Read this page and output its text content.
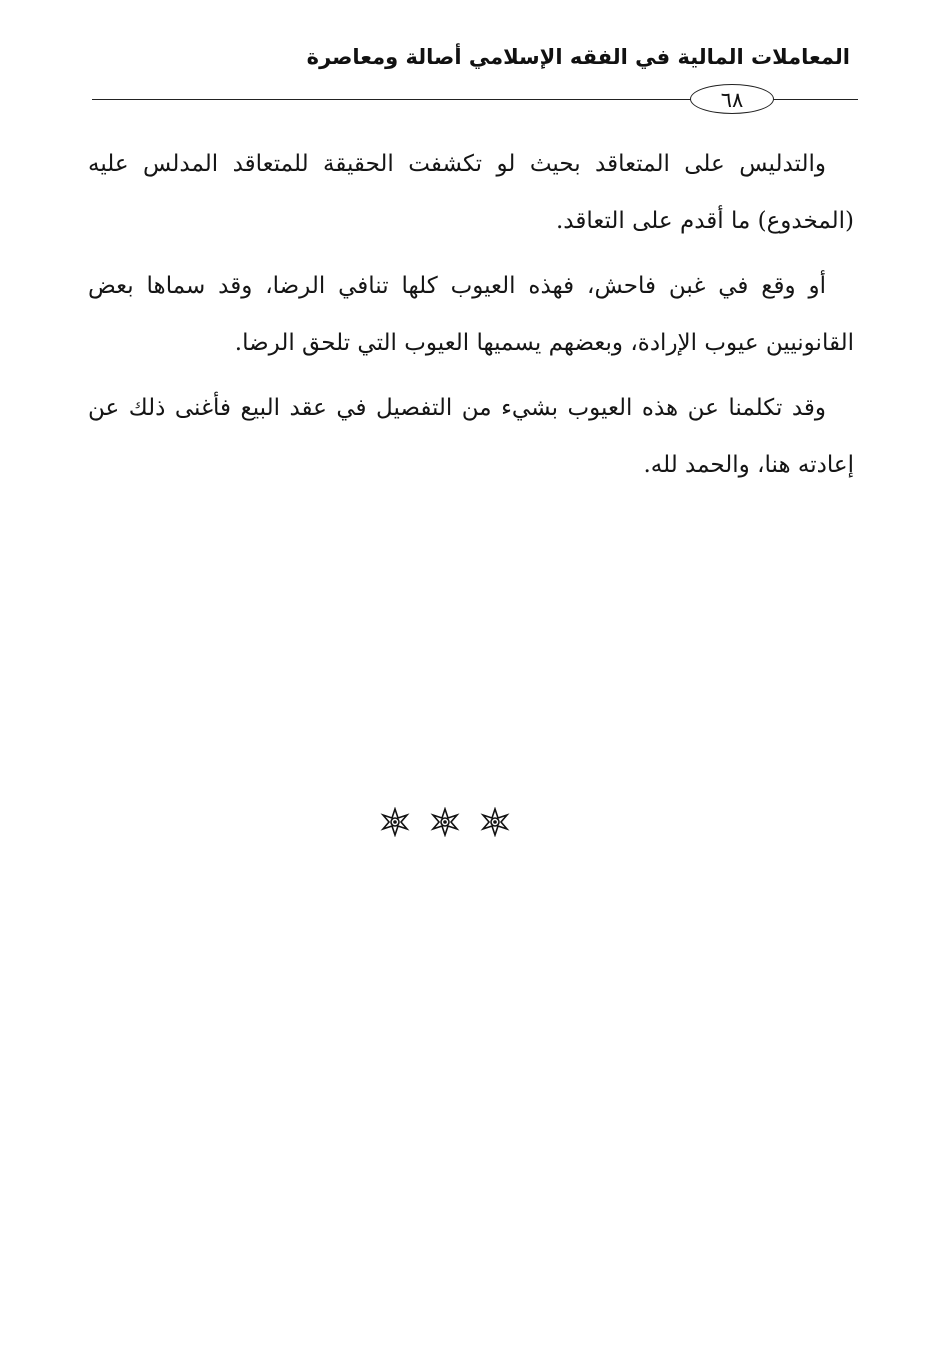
المعاملات المالية في الفقه الإسلامي أصالة ومعاصرة
٦٨

والتدليس على المتعاقد بحيث لو تكشفت الحقيقة للمتعاقد المدلس عليه (المخدوع) ما أقدم على التعاقد.

أو وقع في غبن فاحش، فهذه العيوب كلها تنافي الرضا، وقد سماها بعض القانونيين عيوب الإرادة، وبعضهم يسميها العيوب التي تلحق الرضا.

وقد تكلمنا عن هذه العيوب بشيء من التفصيل في عقد البيع فأغنى ذلك عن إعادته هنا، والحمد لله.
